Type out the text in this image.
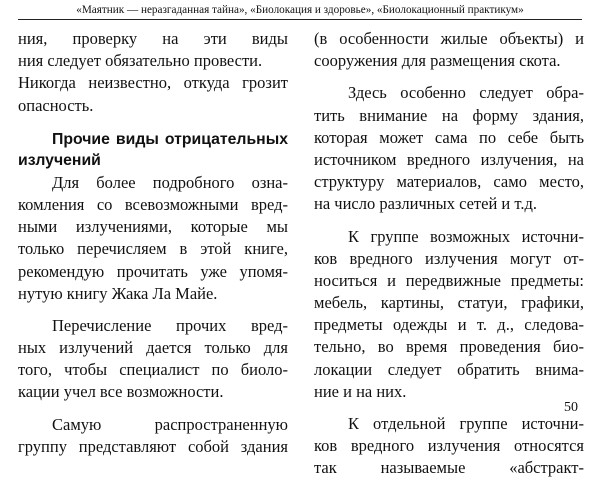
«Маятник — неразгаданная тайна», «Биолокация и здоровье», «Биолокационный практикум»
ния, проверку на эти виды
ния следует обязательно провести.
Никогда неизвестно, откуда грозит
опасность.
Прочие виды отрицательных
излучений
Для более подробного озна-
комления со всевозможными вред-
ными излучениями, которые мы
только перечисляем в этой книге,
рекомендую прочитать уже упомя-
нутую книгу Жака Ла Майе.
Перечисление прочих вред-
ных излучений дается только для
того, чтобы специалист по биоло-
кации учел все возможности.
Самую распространенную
группу представляют собой здания
(в особенности жилые объекты) и
сооружения для размещения скота.
Здесь особенно следует обра-
тить внимание на форму здания,
которая может сама по себе быть
источником вредного излучения, на
структуру материалов, само место,
на число различных сетей и т.д.
К группе возможных источни-
ков вредного излучения могут от-
носиться и передвижные предметы:
мебель, картины, статуи, графики,
предметы одежды и т. д., следова-
тельно, во время проведения био-
локации следует обратить внима-
ние и на них.
К отдельной группе источни-
ков вредного излучения относятся
так называемые «абстракт-
50
